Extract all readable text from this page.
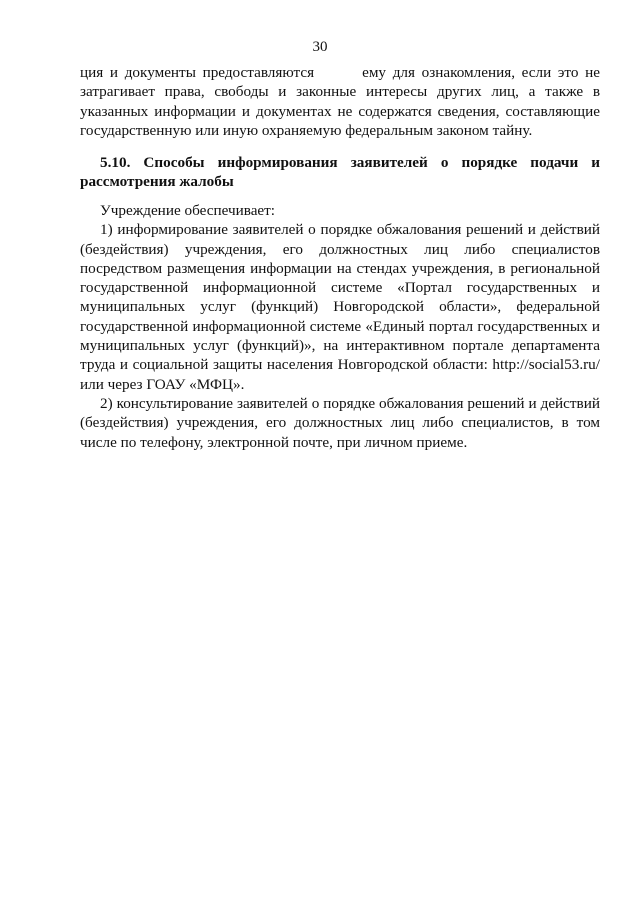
30

ция и документы предоставляются	ему для ознакомления, если это не затрагивает права, свободы и законные интересы других лиц, а также в указанных информации и документах не содержатся сведения, составляющие государственную или иную охраняемую федеральным законом тайну.

5.10. Способы информирования заявителей о порядке подачи и рассмотрения жалобы

Учреждение обеспечивает:

1) информирование заявителей о порядке обжалования решений и действий (бездействия) учреждения, его должностных лиц либо специалистов посредством размещения информации на стендах учреждения, в региональной государственной информационной системе «Портал государственных и муниципальных услуг (функций) Новгородской области», федеральной государственной информационной системе «Единый портал государственных и муниципальных услуг (функций)», на интерактивном портале департамента труда и социальной защиты населения Новгородской области: http://social53.ru/ или через ГОАУ «МФЦ».

2) консультирование заявителей о порядке обжалования решений и действий (бездействия) учреждения, его должностных лиц либо специалистов, в том числе по телефону, электронной почте, при личном приеме.
